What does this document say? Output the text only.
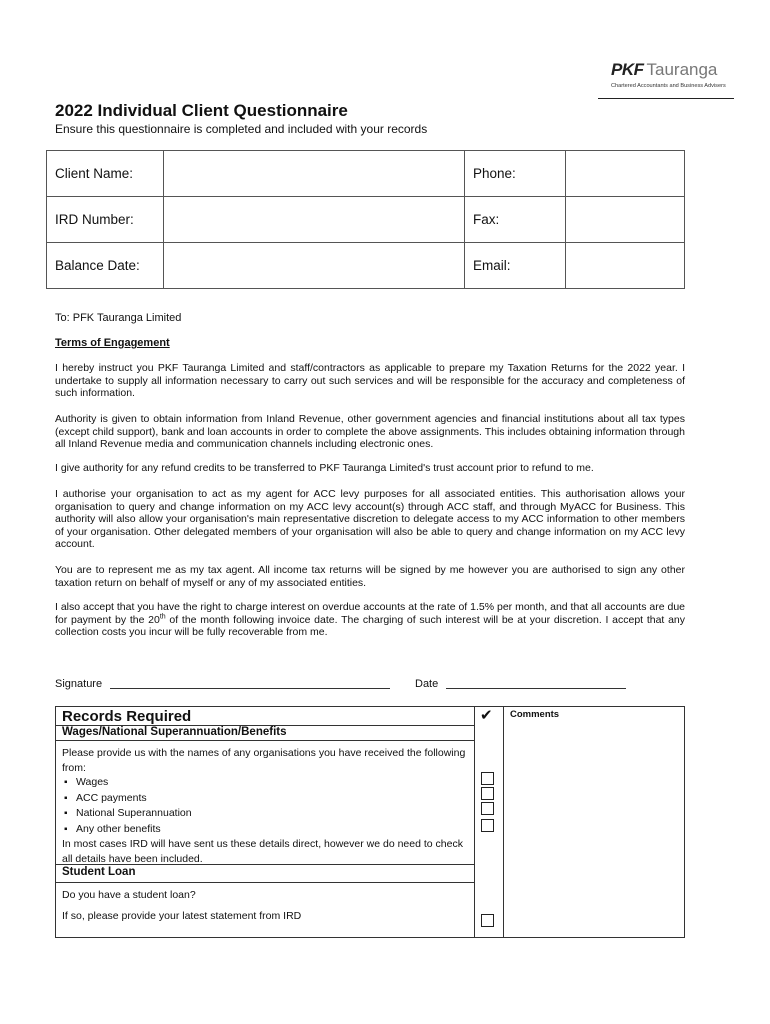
PKF Tauranga
Chartered Accountants and Business Advisers
2022 Individual Client Questionnaire
Ensure this questionnaire is completed and included with your records
Client Name:		Phone:	
IRD Number:		Fax:	
Balance Date:		Email:	
To: PFK Tauranga Limited
Terms of Engagement
I hereby instruct you PKF Tauranga Limited and staff/contractors as applicable to prepare my Taxation Returns for the 2022 year. I undertake to supply all information necessary to carry out such services and will be responsible for the accuracy and completeness of such information.
Authority is given to obtain information from Inland Revenue, other government agencies and financial institutions about all tax types (except child support), bank and loan accounts in order to complete the above assignments. This includes obtaining information through all Inland Revenue media and communication channels including electronic ones.
I give authority for any refund credits to be transferred to PKF Tauranga Limited's trust account prior to refund to me.
I authorise your organisation to act as my agent for ACC levy purposes for all associated entities. This authorisation allows your organisation to query and change information on my ACC levy account(s) through ACC staff, and through MyACC for Business. This authority will also allow your organisation's main representative discretion to delegate access to my ACC information to other members of your organisation. Other delegated members of your organisation will also be able to query and change information on my ACC levy account.
You are to represent me as my tax agent. All income tax returns will be signed by me however you are authorised to sign any other taxation return on behalf of myself or any of my associated entities.
I also accept that you have the right to charge interest on overdue accounts at the rate of 1.5% per month, and that all accounts are due for payment by the 20th of the month following invoice date. The charging of such interest will be at your discretion. I accept that any collection costs you incur will be fully recoverable from me.
Signature	Date
Records Required	✔ Comments
Wages/National Superannuation/Benefits
Please provide us with the names of any organisations you have received the following from:
▪ Wages
▪ ACC payments
▪ National Superannuation
▪ Any other benefits
In most cases IRD will have sent us these details direct, however we do need to check all details have been included.
Student Loan
Do you have a student loan?
If so, please provide your latest statement from IRD
